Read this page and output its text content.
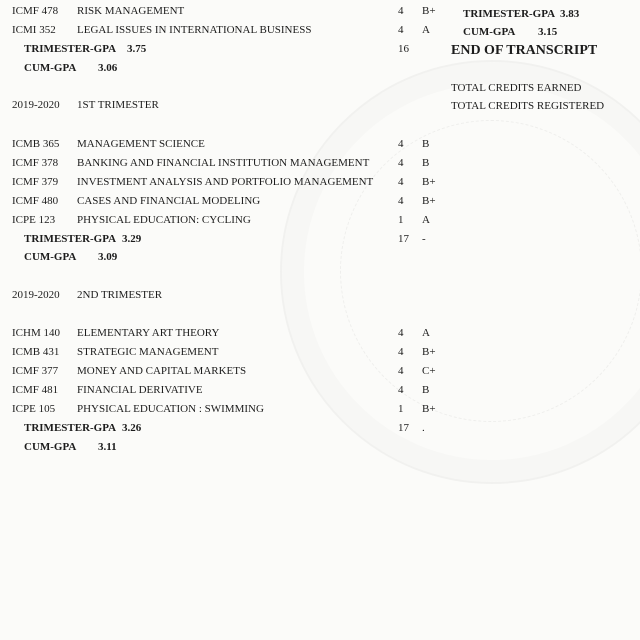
ICMF 478 RISK MANAGEMENT	4 B+
ICMI 352 LEGAL ISSUES IN INTERNATIONAL BUSINESS	4 A
TRIMESTER-GPA 3.75	16
CUM-GPA 3.06
2019-2020 1ST TRIMESTER
ICMB 365 MANAGEMENT SCIENCE	4 B
ICMF 378 BANKING AND FINANCIAL INSTITUTION MANAGEMENT	4 B
ICMF 379 INVESTMENT ANALYSIS AND PORTFOLIO MANAGEMENT 4 B+
ICMF 480 CASES AND FINANCIAL MODELING	4 B+
ICPE 123 PHYSICAL EDUCATION: CYCLING	1 A
TRIMESTER-GPA 3.29	17 -
CUM-GPA 3.09
2019-2020 2ND TRIMESTER
ICHM 140 ELEMENTARY ART THEORY	4 A
ICMB 431 STRATEGIC MANAGEMENT	4 B+
ICMF 377 MONEY AND CAPITAL MARKETS	4 C+
ICMF 481 FINANCIAL DERIVATIVE	4 B
ICPE 105 PHYSICAL EDUCATION : SWIMMING	1 B+
TRIMESTER-GPA 3.26	17 .
CUM-GPA 3.11
TRIMESTER-GPA 3.83
CUM-GPA 3.15
END OF TRANSCRIPT
TOTAL CREDITS EARNED
TOTAL CREDITS REGISTERED
